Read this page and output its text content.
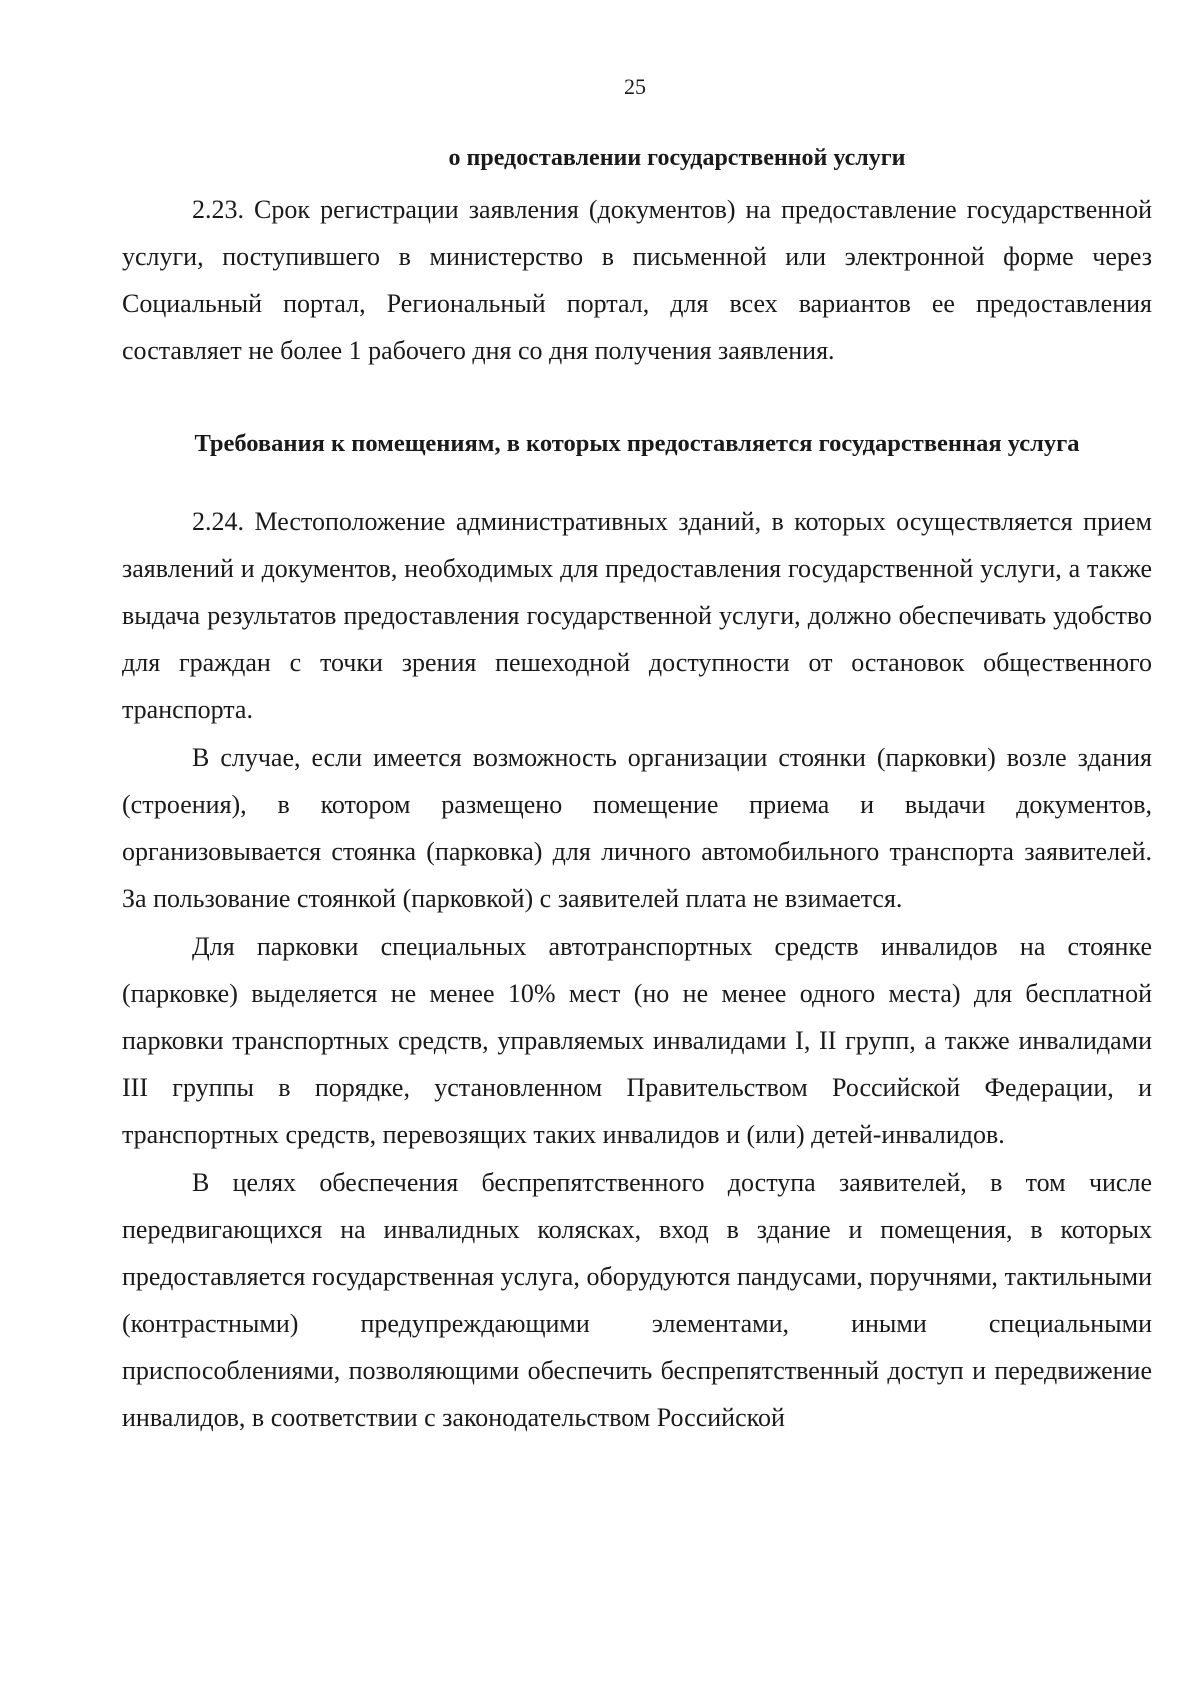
25

о предоставлении государственной услуги

2.23. Срок регистрации заявления (документов) на предоставление государственной услуги, поступившего в министерство в письменной или электронной форме через Социальный портал, Региональный портал, для всех вариантов ее предоставления составляет не более 1 рабочего дня со дня получения заявления.

Требования к помещениям, в которых предоставляется государственная услуга

2.24. Местоположение административных зданий, в которых осуществляется прием заявлений и документов, необходимых для предоставления государственной услуги, а также выдача результатов предоставления государственной услуги, должно обеспечивать удобство для граждан с точки зрения пешеходной доступности от остановок общественного транспорта.

В случае, если имеется возможность организации стоянки (парковки) возле здания (строения), в котором размещено помещение приема и выдачи документов, организовывается стоянка (парковка) для личного автомобильного транспорта заявителей. За пользование стоянкой (парковкой) с заявителей плата не взимается.

Для парковки специальных автотранспортных средств инвалидов на стоянке (парковке) выделяется не менее 10% мест (но не менее одного места) для бесплатной парковки транспортных средств, управляемых инвалидами I, II групп, а также инвалидами III группы в порядке, установленном Правительством Российской Федерации, и транспортных средств, перевозящих таких инвалидов и (или) детей-инвалидов.

В целях обеспечения беспрепятственного доступа заявителей, в том числе передвигающихся на инвалидных колясках, вход в здание и помещения, в которых предоставляется государственная услуга, оборудуются пандусами, поручнями, тактильными (контрастными) предупреждающими элементами, иными специальными приспособлениями, позволяющими обеспечить беспрепятственный доступ и передвижение инвалидов, в соответствии с законодательством Российской
